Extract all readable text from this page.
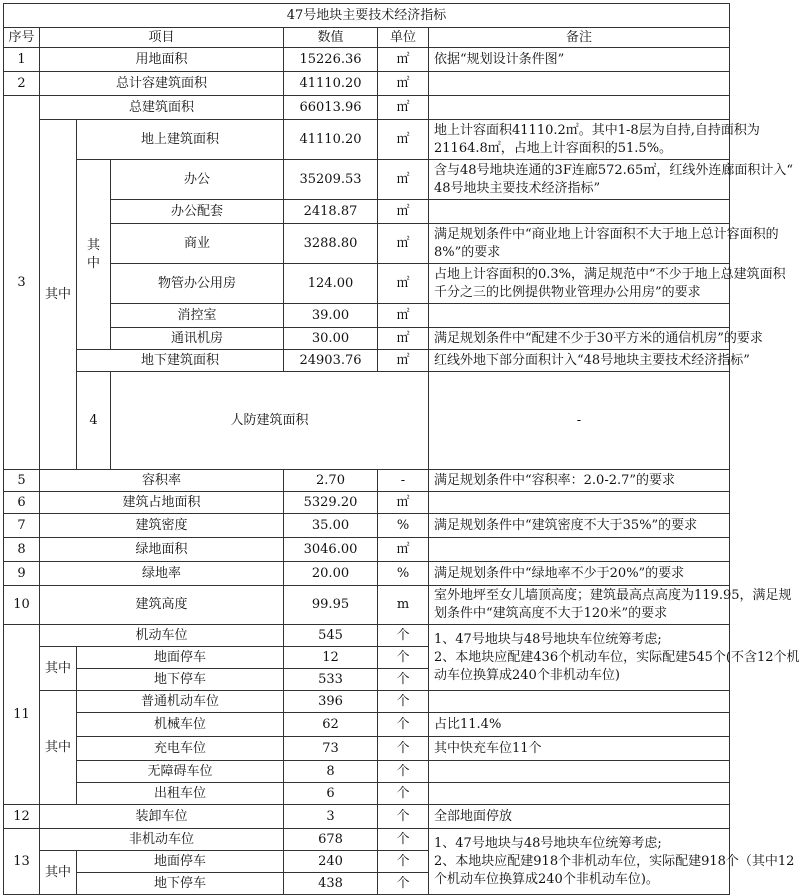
47号地块主要技术经济指标							
序号	项目			数值	单位	备注	
1	用地面积			15226.36	㎡	依据“规划设计条件图”	

2	总计容建筑面积			41110.20	㎡		
3	总建筑面积			66013.96	㎡		
	其中	地上建筑面积		41110.20	㎡	地上计容面积41110.2㎡。其中1-8层为自持,自持面积为
21164.8㎡，占地上计容面积的51.5%。	

		其中	办公	35209.53	㎡	含与48号地块连通的3F连廊572.65㎡，红线外连廊面积计入“
48号地块主要技术经济指标”	

			办公配套	2418.87	㎡		
			商业	3288.80	㎡	满足规划条件中“商业地上计容面积不大于地上总计容面积的
8%”的要求	

			物管办公用房	124.00	㎡	占地上计容面积的0.3%，满足规范中“不少于地上总建筑面积
千分之三的比例提供物业管理办公用房”的要求	

			消控室	39.00	㎡		
			通讯机房	30.00	㎡	满足规划条件中“配建不少于30平方米的通信机房”的要求	

		地下建筑面积		24903.76	㎡	红线外地下部分面积计入“48号地块主要技术经济指标”	

		4	人防建筑面积			-		

5	容积率			2.70	-	满足规划条件中“容积率：2.0-2.7”的要求	

6	建筑占地面积			5329.20	㎡		
7	建筑密度			35.00	%	满足规划条件中“建筑密度不大于35%”的要求	

8	绿地面积			3046.00	㎡		
9	绿地率			20.00	%	满足规划条件中“绿地率不少于20%”的要求	

10	建筑高度			99.95	m	室外地坪至女儿墙顶高度；建筑最高点高度为119.95，满足规
划条件中“建筑高度不大于120米”的要求	

11	机动车位			545	个	1、47号地块与48号地块车位统筹考虑;
2、本地块应配建436个机动车位，实际配建545个(不含12个机
动车位换算成240个非机动车位)	

	其中	地面停车		12	个		
		地下停车		533	个		
	其中	普通机动车位		396	个		
		机械车位		62	个	占比11.4%	

		充电车位		73	个	其中快充车位11个	

		无障碍车位		8	个		
		出租车位		6	个		
12	装卸车位			3	个	全部地面停放	

13	非机动车位			678	个	1、47号地块与48号地块车位统筹考虑;
2、本地块应配建918个非机动车位，实际配建918个（其中12
个机动车位换算成240个非机动车位)。	

	其中	地面停车		240	个		
		地下停车		438	个		
